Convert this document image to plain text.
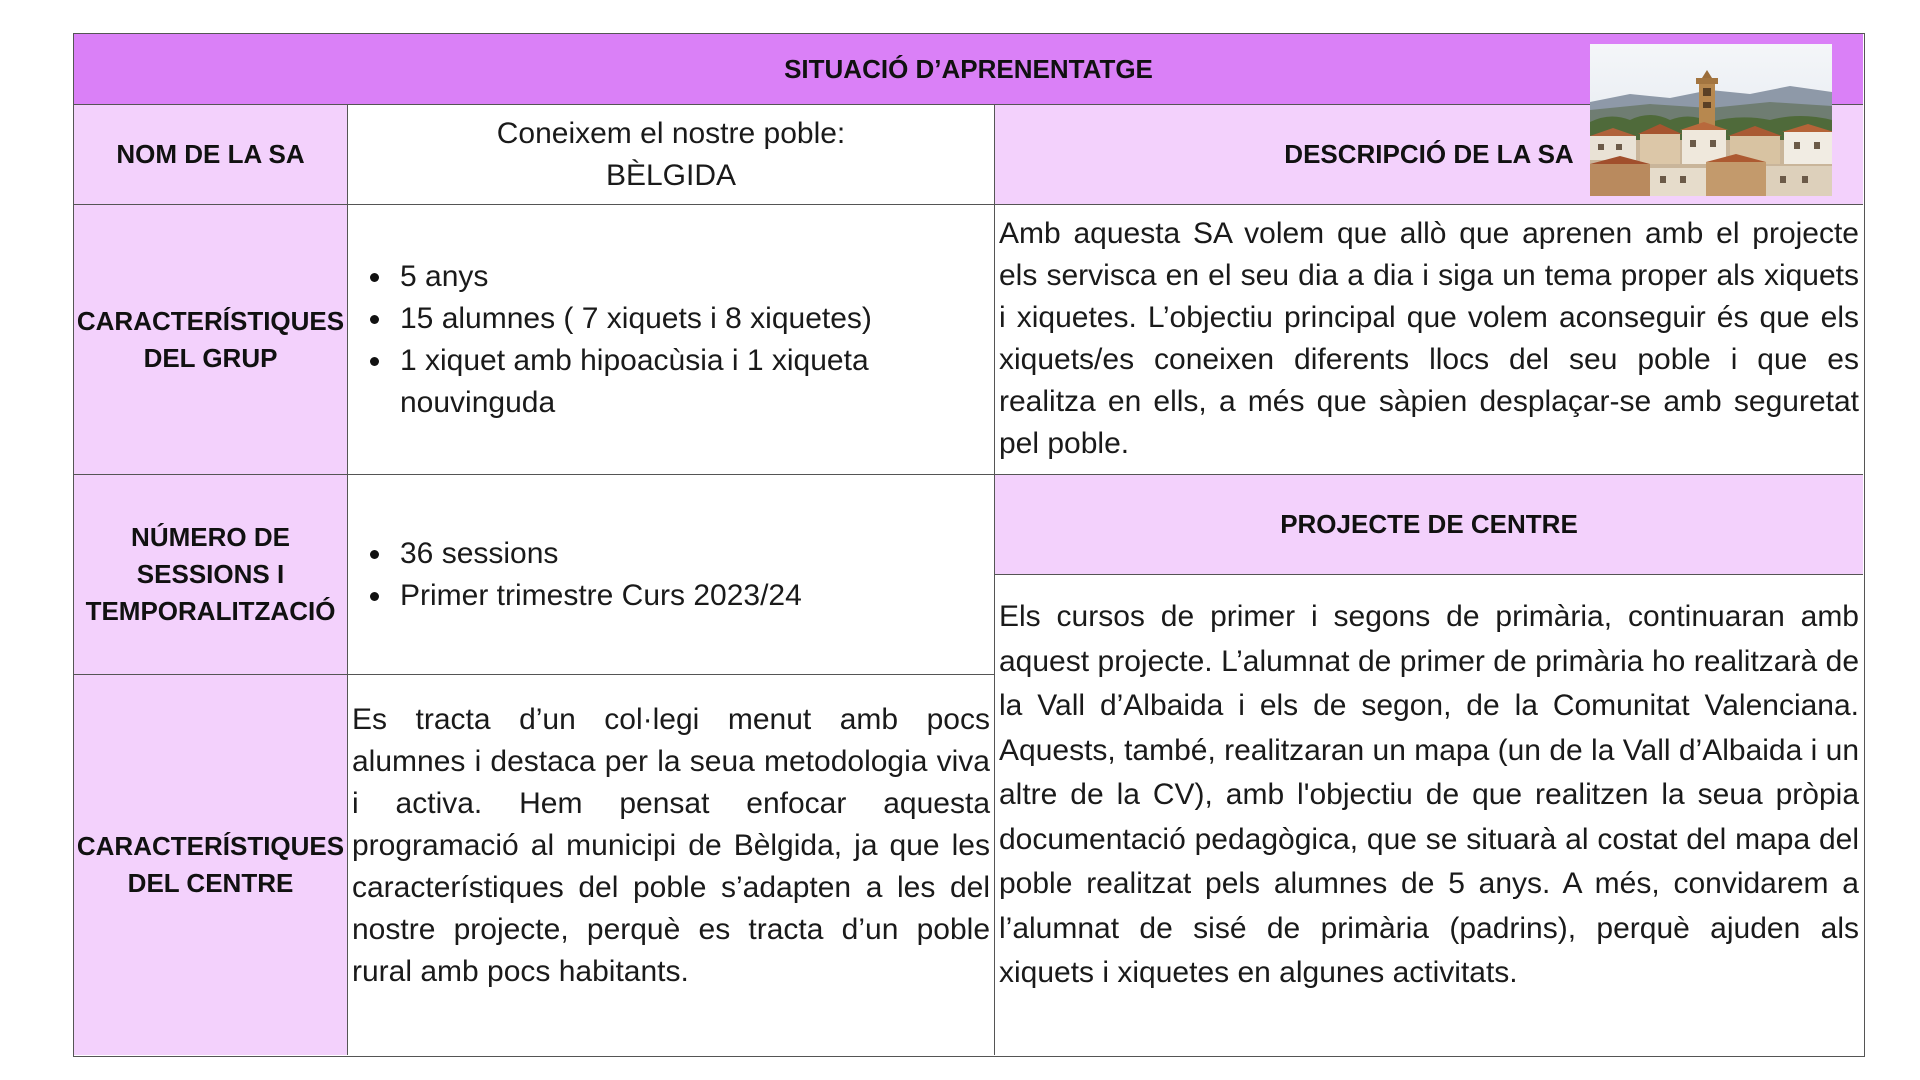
SITUACIÓ D’APRENENTATGE
NOM DE LA SA
Coneixem el nostre poble:
BÈLGIDA
DESCRIPCIÓ DE LA SA
CARACTERÍSTIQUES
DEL GRUP
5 anys
15 alumnes ( 7 xiquets i 8 xiquetes)
1 xiquet amb hipoacùsia i 1 xiqueta nouvinguda

Amb aquesta SA volem que allò que aprenen amb el projecte els servisca en el seu dia a dia i siga un tema proper als xiquets i xiquetes. L’objectiu principal que volem aconseguir és que els xiquets/es coneixen diferents llocs del seu poble i que es realitza en ells, a més que sàpien desplaçar-se amb seguretat pel poble.

NÚMERO DE
SESSIONS I
TEMPORALITZACIÓ
36 sessions
Primer trimestre Curs 2023/24
PROJECTE DE CENTRE

Els cursos de primer i segons de primària, continuaran amb aquest projecte. L’alumnat de primer de primària ho realitzarà de la Vall d’Albaida i els de segon, de la Comunitat Valenciana. Aquests, també, realitzaran un mapa (un de la Vall d’Albaida i un altre de la CV), amb l'objectiu de que realitzen la seua pròpia documentació pedagògica, que se situarà al costat del mapa del poble realitzat pels alumnes de 5 anys. A més, convidarem a l’alumnat de sisé de primària (padrins), perquè ajuden als xiquets i xiquetes en algunes activitats.

CARACTERÍSTIQUES
DEL CENTRE

Es tracta d’un col·legi menut amb pocs alumnes i destaca per la seua metodologia viva i activa. Hem pensat enfocar aquesta programació al municipi de Bèlgida, ja que les característiques del poble s’adapten a les del nostre projecte, perquè es tracta d’un poble rural amb pocs habitants.
